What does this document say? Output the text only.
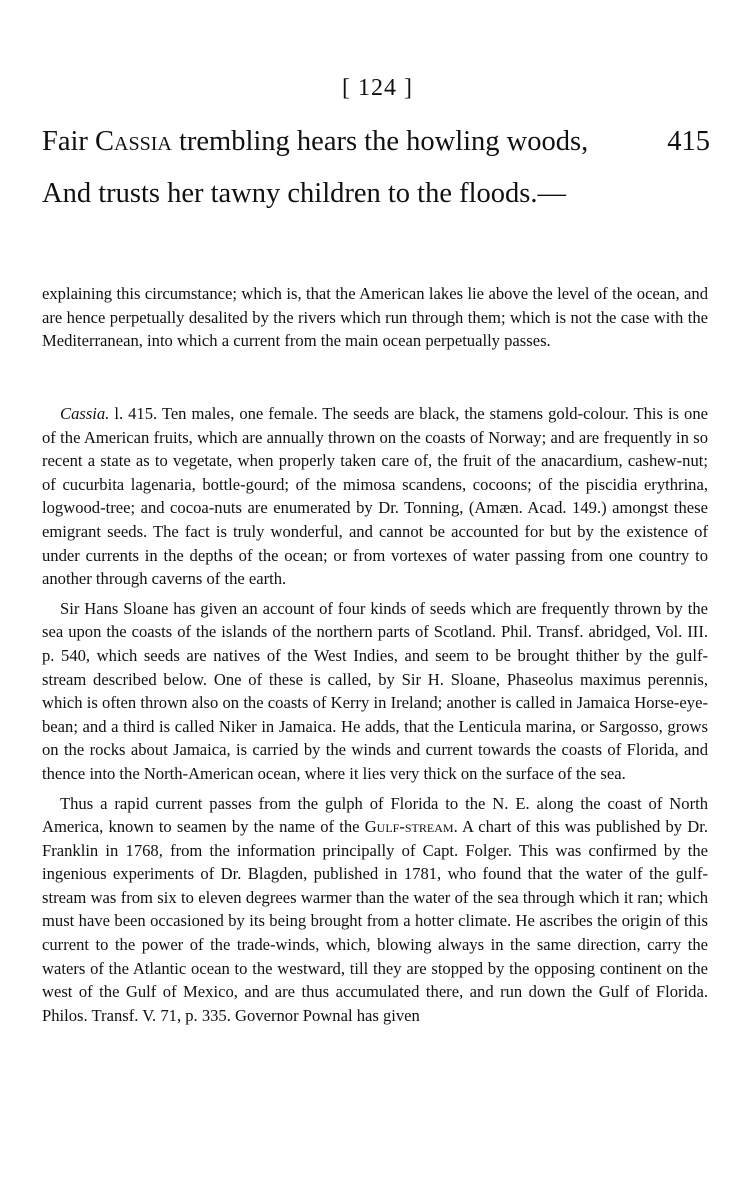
[ 124 ]
Fair Cassia trembling hears the howling woods,	415
And trusts her tawny children to the floods.—

explaining this circumstance; which is, that the American lakes lie above the level of the ocean, and are hence perpetually desalited by the rivers which run through them; which is not the case with the Mediterranean, into which a current from the main ocean perpetually passes.

Cassia. l. 415. Ten males, one female. The seeds are black, the stamens gold-colour. This is one of the American fruits, which are annually thrown on the coasts of Norway; and are frequently in so recent a state as to vegetate, when properly taken care of, the fruit of the anacardium, cashew-nut; of cucurbita lagenaria, bottle-gourd; of the mimosa scandens, cocoons; of the piscidia erythrina, logwood-tree; and cocoa-nuts are enumerated by Dr. Tonning, (Amæn. Acad. 149.) amongst these emigrant seeds. The fact is truly wonderful, and cannot be accounted for but by the existence of under currents in the depths of the ocean; or from vortexes of water passing from one country to another through caverns of the earth.

Sir Hans Sloane has given an account of four kinds of seeds which are frequently thrown by the sea upon the coasts of the islands of the northern parts of Scotland. Phil. Transf. abridged, Vol. III. p. 540, which seeds are natives of the West Indies, and seem to be brought thither by the gulf-stream described below. One of these is called, by Sir H. Sloane, Phaseolus maximus perennis, which is often thrown also on the coasts of Kerry in Ireland; another is called in Jamaica Horse-eye-bean; and a third is called Niker in Jamaica. He adds, that the Lenticula marina, or Sargosso, grows on the rocks about Jamaica, is carried by the winds and current towards the coasts of Florida, and thence into the North-American ocean, where it lies very thick on the surface of the sea.

Thus a rapid current passes from the gulph of Florida to the N. E. along the coast of North America, known to seamen by the name of the Gulf-stream. A chart of this was published by Dr. Franklin in 1768, from the information principally of Capt. Folger. This was confirmed by the ingenious experiments of Dr. Blagden, published in 1781, who found that the water of the gulf-stream was from six to eleven degrees warmer than the water of the sea through which it ran; which must have been occasioned by its being brought from a hotter climate. He ascribes the origin of this current to the power of the trade-winds, which, blowing always in the same direction, carry the waters of the Atlantic ocean to the westward, till they are stopped by the opposing continent on the west of the Gulf of Mexico, and are thus accumulated there, and run down the Gulf of Florida. Philos. Transf. V. 71, p. 335. Governor Pownal has given
